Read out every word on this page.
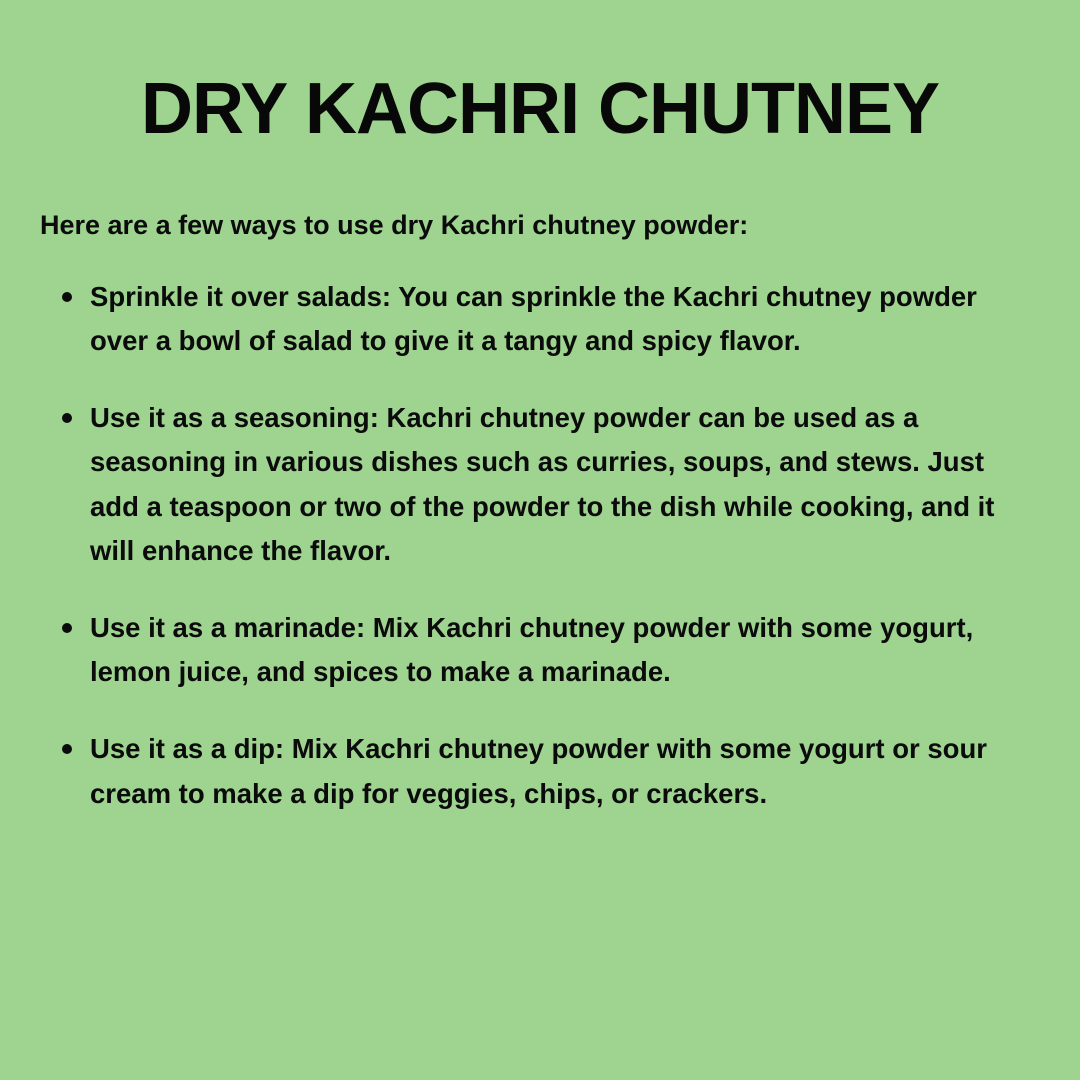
DRY KACHRI CHUTNEY

Here are a few ways to use dry Kachri chutney powder:

Sprinkle it over salads: You can sprinkle the Kachri chutney powder over a bowl of salad to give it a tangy and spicy flavor.
Use it as a seasoning: Kachri chutney powder can be used as a seasoning in various dishes such as curries, soups, and stews. Just add a teaspoon or two of the powder to the dish while cooking, and it will enhance the flavor.
Use it as a marinade: Mix Kachri chutney powder with some yogurt, lemon juice, and spices to make a marinade.
Use it as a dip: Mix Kachri chutney powder with some yogurt or sour cream to make a dip for veggies, chips, or crackers.
